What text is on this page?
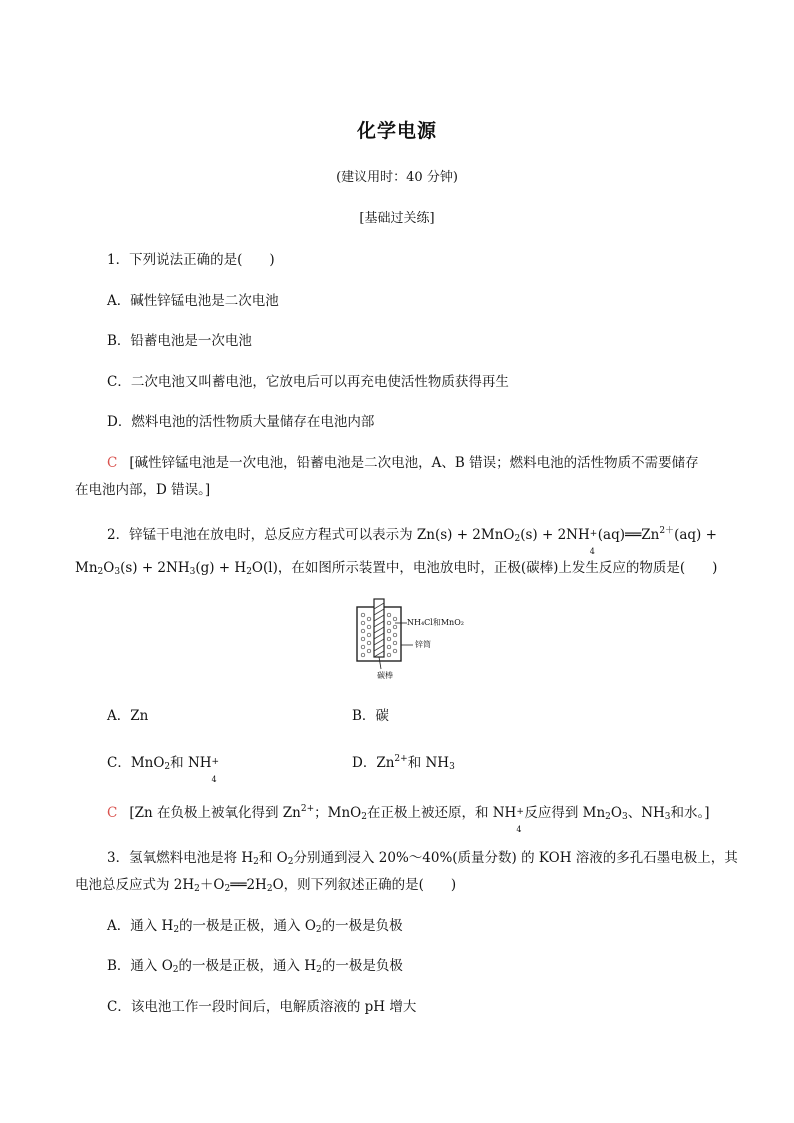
化学电源
(建议用时：40 分钟)
[基础过关练]
1．下列说法正确的是(　　)
A．碱性锌锰电池是二次电池
B．铅蓄电池是一次电池
C．二次电池又叫蓄电池，它放电后可以再充电使活性物质获得再生
D．燃料电池的活性物质大量储存在电池内部
C [碱性锌锰电池是一次电池，铅蓄电池是二次电池，A、B 错误；燃料电池的活性物质不需要储存
在电池内部，D 错误。]
2．锌锰干电池在放电时，总反应方程式可以表示为 Zn(s) + 2MnO$_2$(s) + 2NH +
4
$(aq)══Zn^{2+}(aq)$ +
$Mn_2O_3(s) + 2NH_3(g) + H_2O(l)$，在如图所示装置中，电池放电时，正极(碳棒)上发生反应的物质是(　　)
NH₄Cl和MnO₂
锌筒
碳棒
A．Zn	B．碳
C．MnO$_2$和 NH +
4
D．$Zn^{2+}$和 $NH_3$
C [Zn 在负极上被氧化得到 $Zn^{2+}$；MnO$_2$在正极上被还原，和 NH +
4
反应得到 $Mn_2O_3$、$NH_3$和水。]
3．氢氧燃料电池是将 $H_2$和 $O_2$分别通到浸入 20%～40%(质量分数) 的 KOH 溶液的多孔石墨电极上，其
电池总反应式为 $2H_2+O_2══2H_2O$，则下列叙述正确的是(　　)
A．通入 $H_2$的一极是正极，通入 $O_2$的一极是负极
B．通入 $O_2$的一极是正极，通入 $H_2$的一极是负极
C．该电池工作一段时间后，电解质溶液的 pH 增大
